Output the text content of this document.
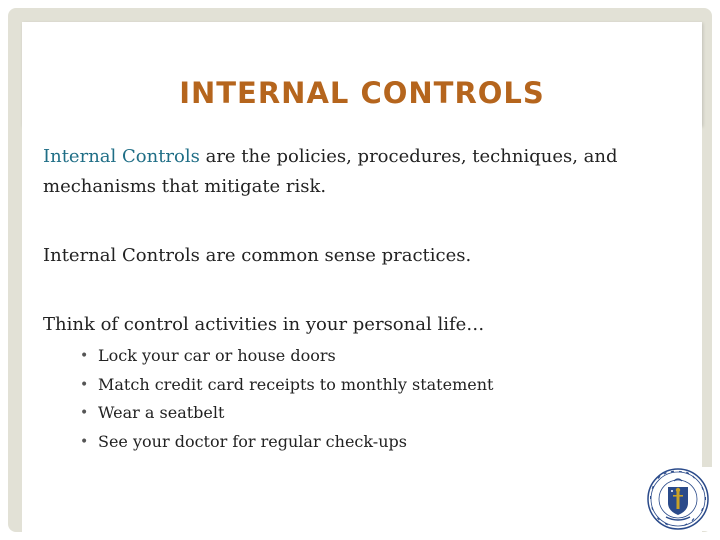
INTERNAL CONTROLS

Internal Controls are the policies, procedures, techniques, and mechanisms that mitigate risk.

Internal Controls are common sense practices.

Think of control activities in your personal life…

• Lock your car or house doors
• Match credit card receipts to monthly statement
• Wear a seatbelt
• See your doctor for regular check-ups
